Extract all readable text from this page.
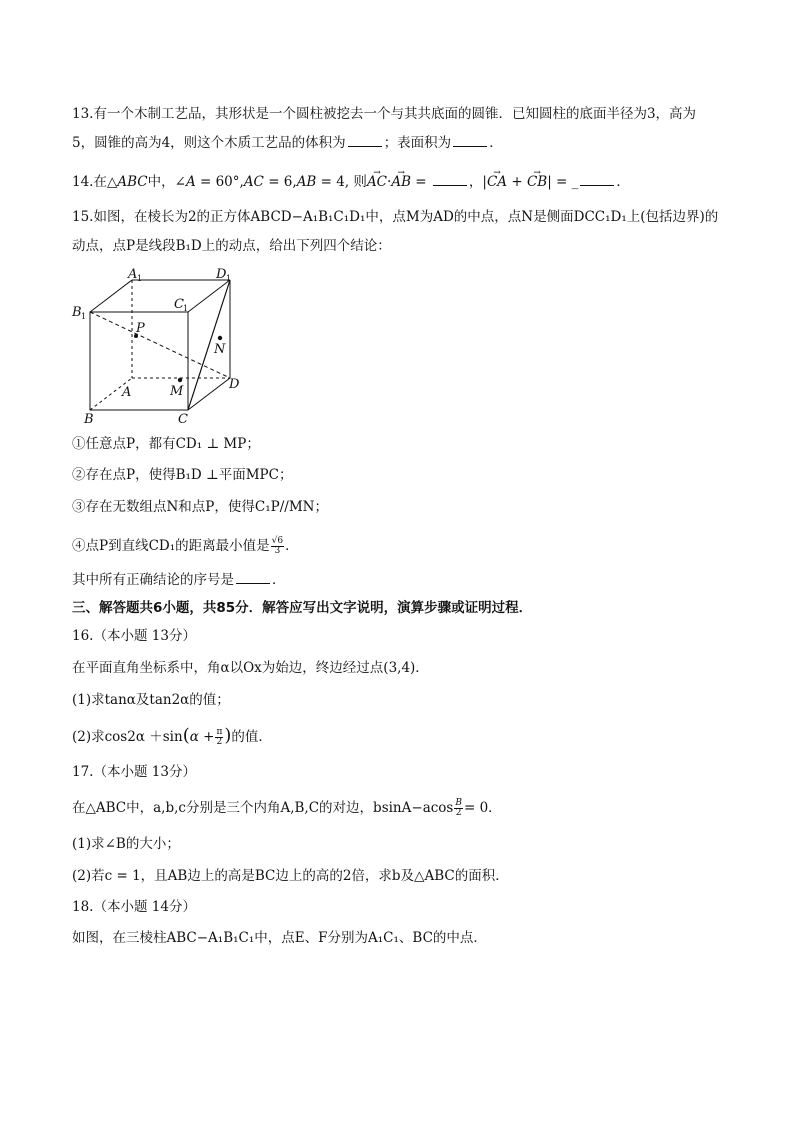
13.有一个木制工艺品，其形状是一个圆柱被挖去一个与其共底面的圆锥．已知圆柱的底面半径为3，高为
5，圆锥的高为4，则这个木质工艺品的体积为	；表面积为	．
14.在△ABC中，∠A = 60°,AC = 6,AB = 4, 则→ AC·→ AB =	，|→ CA + → CB| = _	．
15.如图，在棱长为2的正方体ABCD−A₁B₁C₁D₁中，点M为AD的中点，点N是侧面DCC₁D₁上(包括边界)的
动点，点P是线段B₁D上的动点，给出下列四个结论：
A 1	D 1
C 1
B 1
P
N
A	M	D
B	C
①任意点P，都有CD₁ ⊥ MP；
②存在点P，使得B₁D ⊥平面MPC；
③存在无数组点N和点P，使得C₁P//MN；
④点P到直线CD₁的距离最小值是 $\frac{√6}{3}$ ．
其中所有正确结论的序号是	．
三、解答题共6小题，共85分．解答应写出文字说明，演算步骤或证明过程．
16.（本小题 13分）
在平面直角坐标系中，角α以Ox为始边，终边经过点(3,4)．
(1)求tanα及tan2α的值；
(2)求$\cos 2\alpha +\sin(\alpha + \frac{\pi}{2}$ )的值．
17.（本小题 13分）
在△ABC中，a,b,c分别是三个内角A,B,C的对边，$bsinA-acos \frac{B}{2} = 0$．
(1)求∠B的大小；
(2)若c = 1，且AB边上的高是BC边上的高的2倍，求b及△ABC的面积．
18.（本小题 14分）
如图，在三棱柱ABC−A₁B₁C₁中，点E、F分别为A₁C₁、BC的中点．
